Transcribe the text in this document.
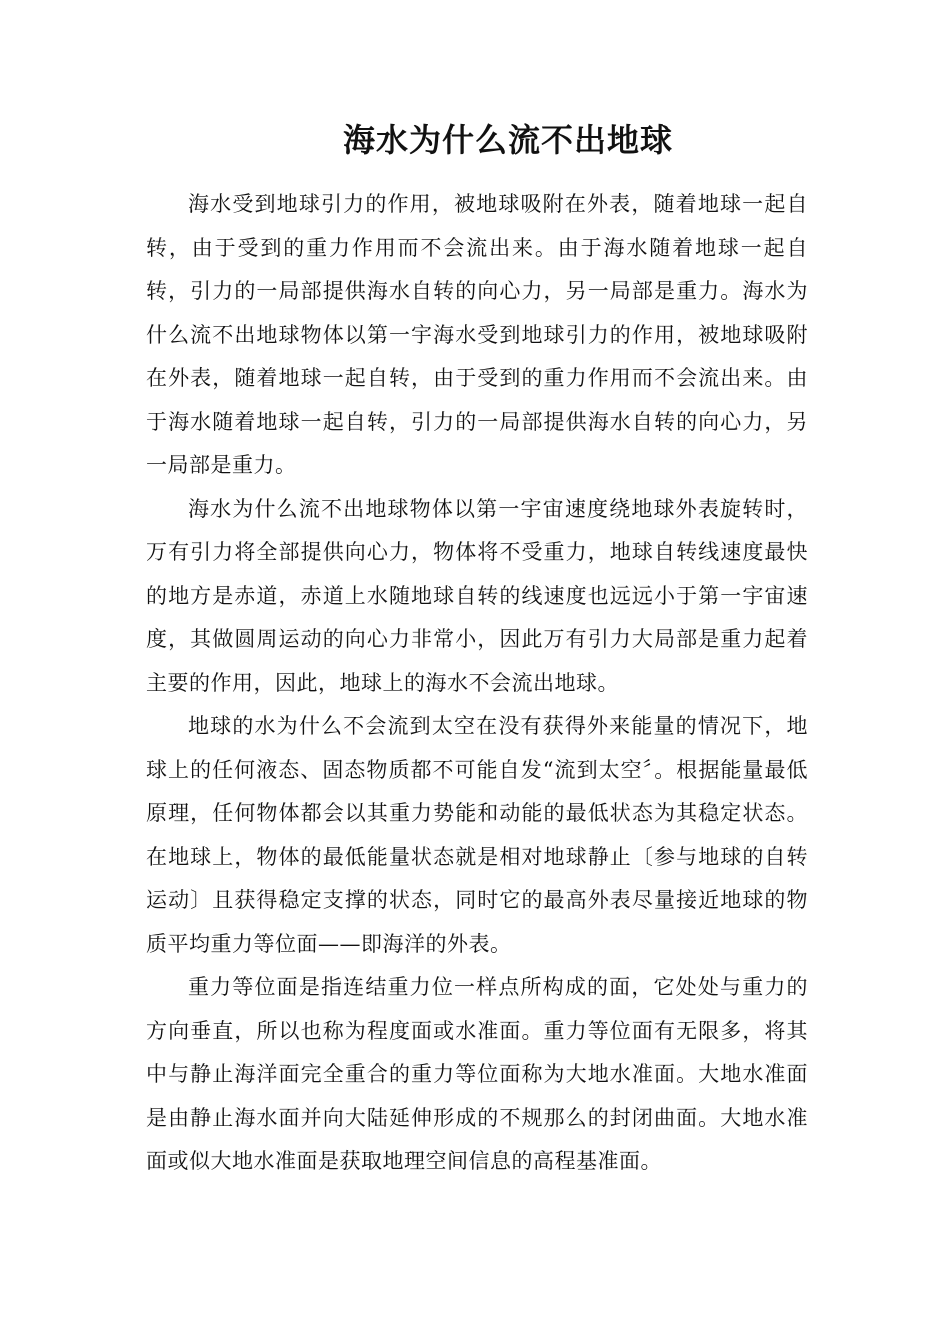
海水为什么流不出地球

海水受到地球引力的作用，被地球吸附在外表，随着地球一起自转，由于受到的重力作用而不会流出来。由于海水随着地球一起自转，引力的一局部提供海水自转的向心力，另一局部是重力。海水为什么流不出地球物体以第一宇海水受到地球引力的作用，被地球吸附在外表，随着地球一起自转，由于受到的重力作用而不会流出来。由于海水随着地球一起自转，引力的一局部提供海水自转的向心力，另一局部是重力。

海水为什么流不出地球物体以第一宇宙速度绕地球外表旋转时，万有引力将全部提供向心力，物体将不受重力，地球自转线速度最快的地方是赤道，赤道上水随地球自转的线速度也远远小于第一宇宙速度，其做圆周运动的向心力非常小，因此万有引力大局部是重力起着主要的作用，因此，地球上的海水不会流出地球。

地球的水为什么不会流到太空在没有获得外来能量的情况下，地球上的任何液态、固态物质都不可能自发“流到太空〞。根据能量最低原理，任何物体都会以其重力势能和动能的最低状态为其稳定状态。在地球上，物体的最低能量状态就是相对地球静止〔参与地球的自转运动〕且获得稳定支撑的状态，同时它的最高外表尽量接近地球的物质平均重力等位面——即海洋的外表。

重力等位面是指连结重力位一样点所构成的面，它处处与重力的方向垂直，所以也称为程度面或水准面。重力等位面有无限多，将其中与静止海洋面完全重合的重力等位面称为大地水准面。大地水准面是由静止海水面并向大陆延伸形成的不规那么的封闭曲面。大地水准面或似大地水准面是获取地理空间信息的高程基准面。
